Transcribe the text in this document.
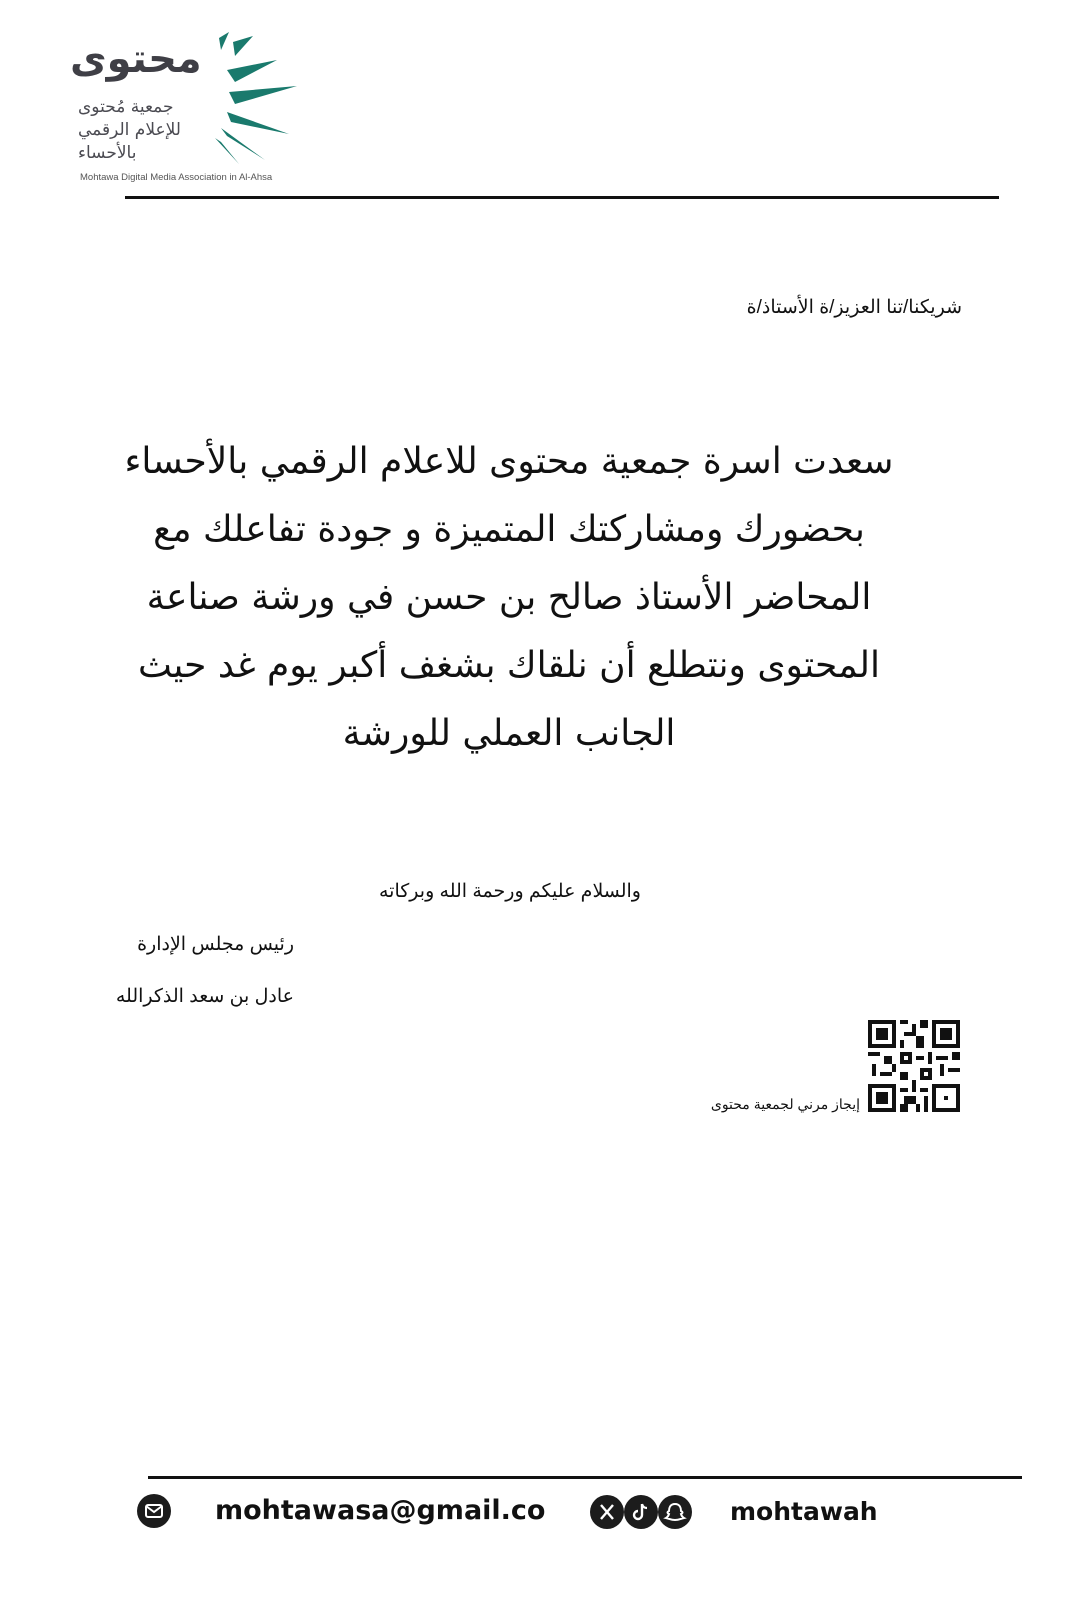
محتوى
جمعية مُحتوى
للإعلام الرقمي
بالأحساء
Mohtawa Digital Media Association in Al-Ahsa
شريكنا/تنا العزيز/ة الأستاذ/ة
سعدت اسرة جمعية محتوى للاعلام الرقمي بالأحساء
بحضورك ومشاركتك المتميزة و جودة تفاعلك مع
المحاضر الأستاذ صالح بن حسن في ورشة صناعة
المحتوى ونتطلع أن نلقاك بشغف أكبر يوم غد حيث
الجانب العملي للورشة
والسلام عليكم ورحمة الله وبركاته
رئيس مجلس الإدارة
عادل بن سعد الذكرالله
إيجاز مرني لجمعية محتوى
mohtawasa@gmail.co	mohtawah
